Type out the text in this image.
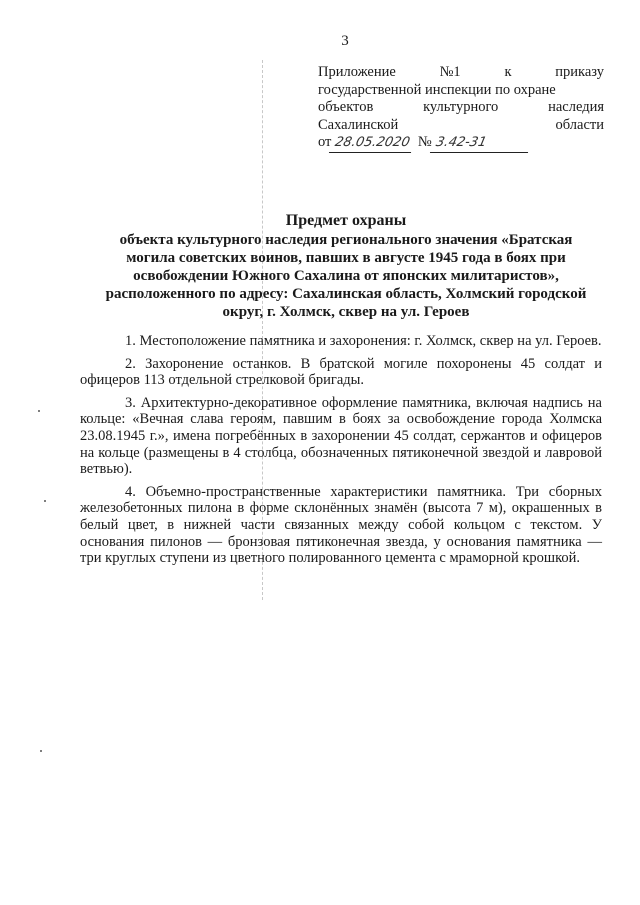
3
Приложение	№1	к	приказу
государственной инспекции по охране
объектов	культурного	наследия
Сахалинской	области
от 28.05.2020 № 3.42-31
Предмет охраны
объекта культурного наследия регионального значения «Братская
могила советских воинов, павших в августе 1945 года в боях при
освобождении Южного Сахалина от японских милитаристов»,
расположенного по адресу: Сахалинская область, Холмский городской
округ, г. Холмск, сквер на ул. Героев

1. Местоположение памятника и захоронения: г. Холмск, сквер на ул. Героев.

2. Захоронение останков. В братской могиле похоронены 45 солдат и офицеров 113 отдельной стрелковой бригады.

3. Архитектурно-декоративное оформление памятника, включая надпись на кольце: «Вечная слава героям, павшим в боях за освобождение города Холмска 23.08.1945 г.», имена погребённых в захоронении 45 солдат, сержантов и офицеров на кольце (размещены в 4 столбца, обозначенных пятиконечной звездой и лавровой ветвью).

4. Объемно-пространственные характеристики памятника. Три сборных железобетонных пилона в форме склонённых знамён (высота 7 м), окрашенных в белый цвет, в нижней части связанных между собой кольцом с текстом. У основания пилонов — бронзовая пятиконечная звезда, у основания памятника —три круглых ступени из цветного полированного цемента с мраморной крошкой.
